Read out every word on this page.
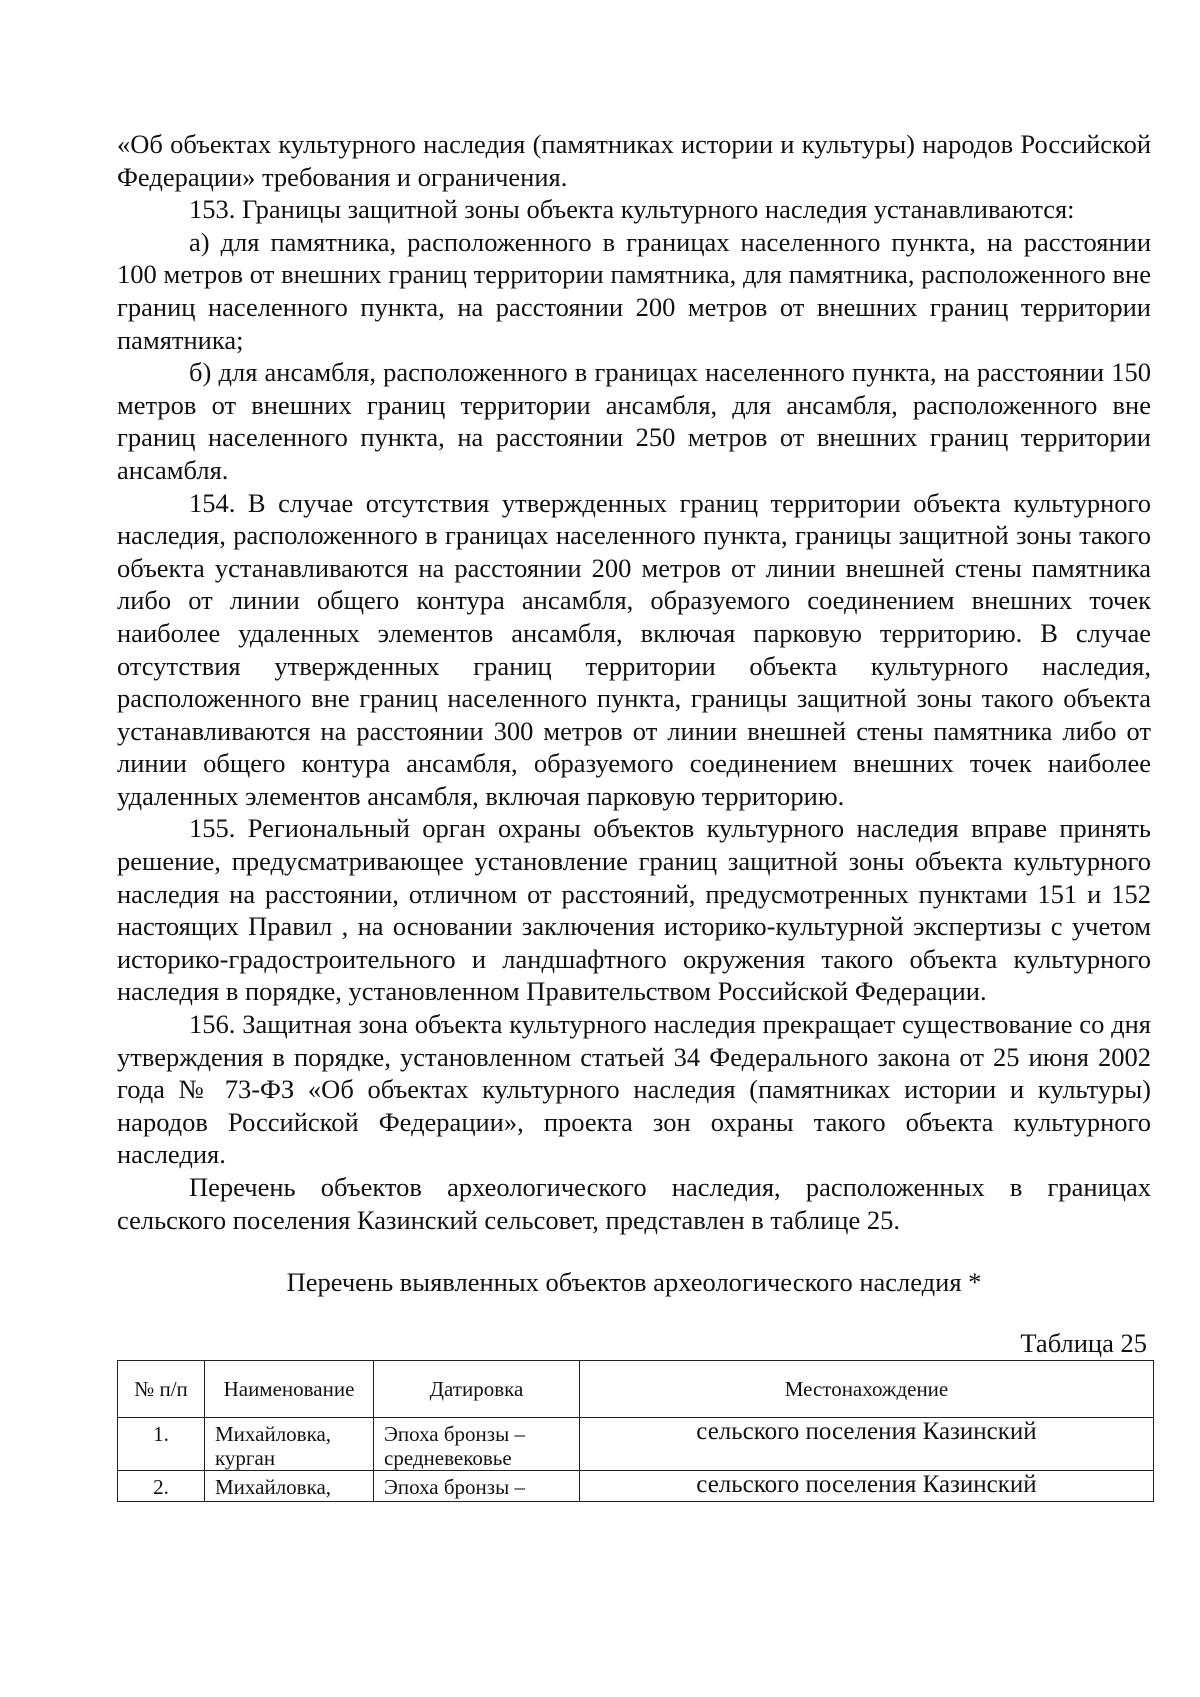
«Об объектах культурного наследия (памятниках истории и культуры) народов Российской Федерации» требования и ограничения.

153. Границы защитной зоны объекта культурного наследия устанавливаются:

а) для памятника, расположенного в границах населенного пункта, на расстоянии 100 метров от внешних границ территории памятника, для памятника, расположенного вне границ населенного пункта, на расстоянии 200 метров от внешних границ территории памятника;

б) для ансамбля, расположенного в границах населенного пункта, на расстоянии 150 метров от внешних границ территории ансамбля, для ансамбля, расположенного вне границ населенного пункта, на расстоянии 250 метров от внешних границ территории ансамбля.

154. В случае отсутствия утвержденных границ территории объекта культурного наследия, расположенного в границах населенного пункта, границы защитной зоны такого объекта устанавливаются на расстоянии 200 метров от линии внешней стены памятника либо от линии общего контура ансамбля, образуемого соединением внешних точек наиболее удаленных элементов ансамбля, включая парковую территорию. В случае отсутствия утвержденных границ территории объекта культурного наследия, расположенного вне границ населенного пункта, границы защитной зоны такого объекта устанавливаются на расстоянии 300 метров от линии внешней стены памятника либо от линии общего контура ансамбля, образуемого соединением внешних точек наиболее удаленных элементов ансамбля, включая парковую территорию.

155. Региональный орган охраны объектов культурного наследия вправе принять решение, предусматривающее установление границ защитной зоны объекта культурного наследия на расстоянии, отличном от расстояний, предусмотренных пунктами 151 и 152 настоящих Правил , на основании заключения историко-культурной экспертизы с учетом историко-градостроительного и ландшафтного окружения такого объекта культурного наследия в порядке, установленном Правительством Российской Федерации.

156. Защитная зона объекта культурного наследия прекращает существование со дня утверждения в порядке, установленном статьей 34 Федерального закона от 25 июня 2002 года № 73-ФЗ «Об объектах культурного наследия (памятниках истории и культуры) народов Российской Федерации», проекта зон охраны такого объекта культурного наследия.

Перечень объектов археологического наследия, расположенных в границах сельского поселения Казинский сельсовет, представлен в таблице 25.

Перечень выявленных объектов археологического наследия *
Таблица 25
№ п/п	Наименование	Датировка	Местонахождение
1.	Михайловка, курган	Эпоха бронзы – средневековье	сельского поселения Казинский
2.	Михайловка,	Эпоха бронзы –	сельского поселения Казинский
